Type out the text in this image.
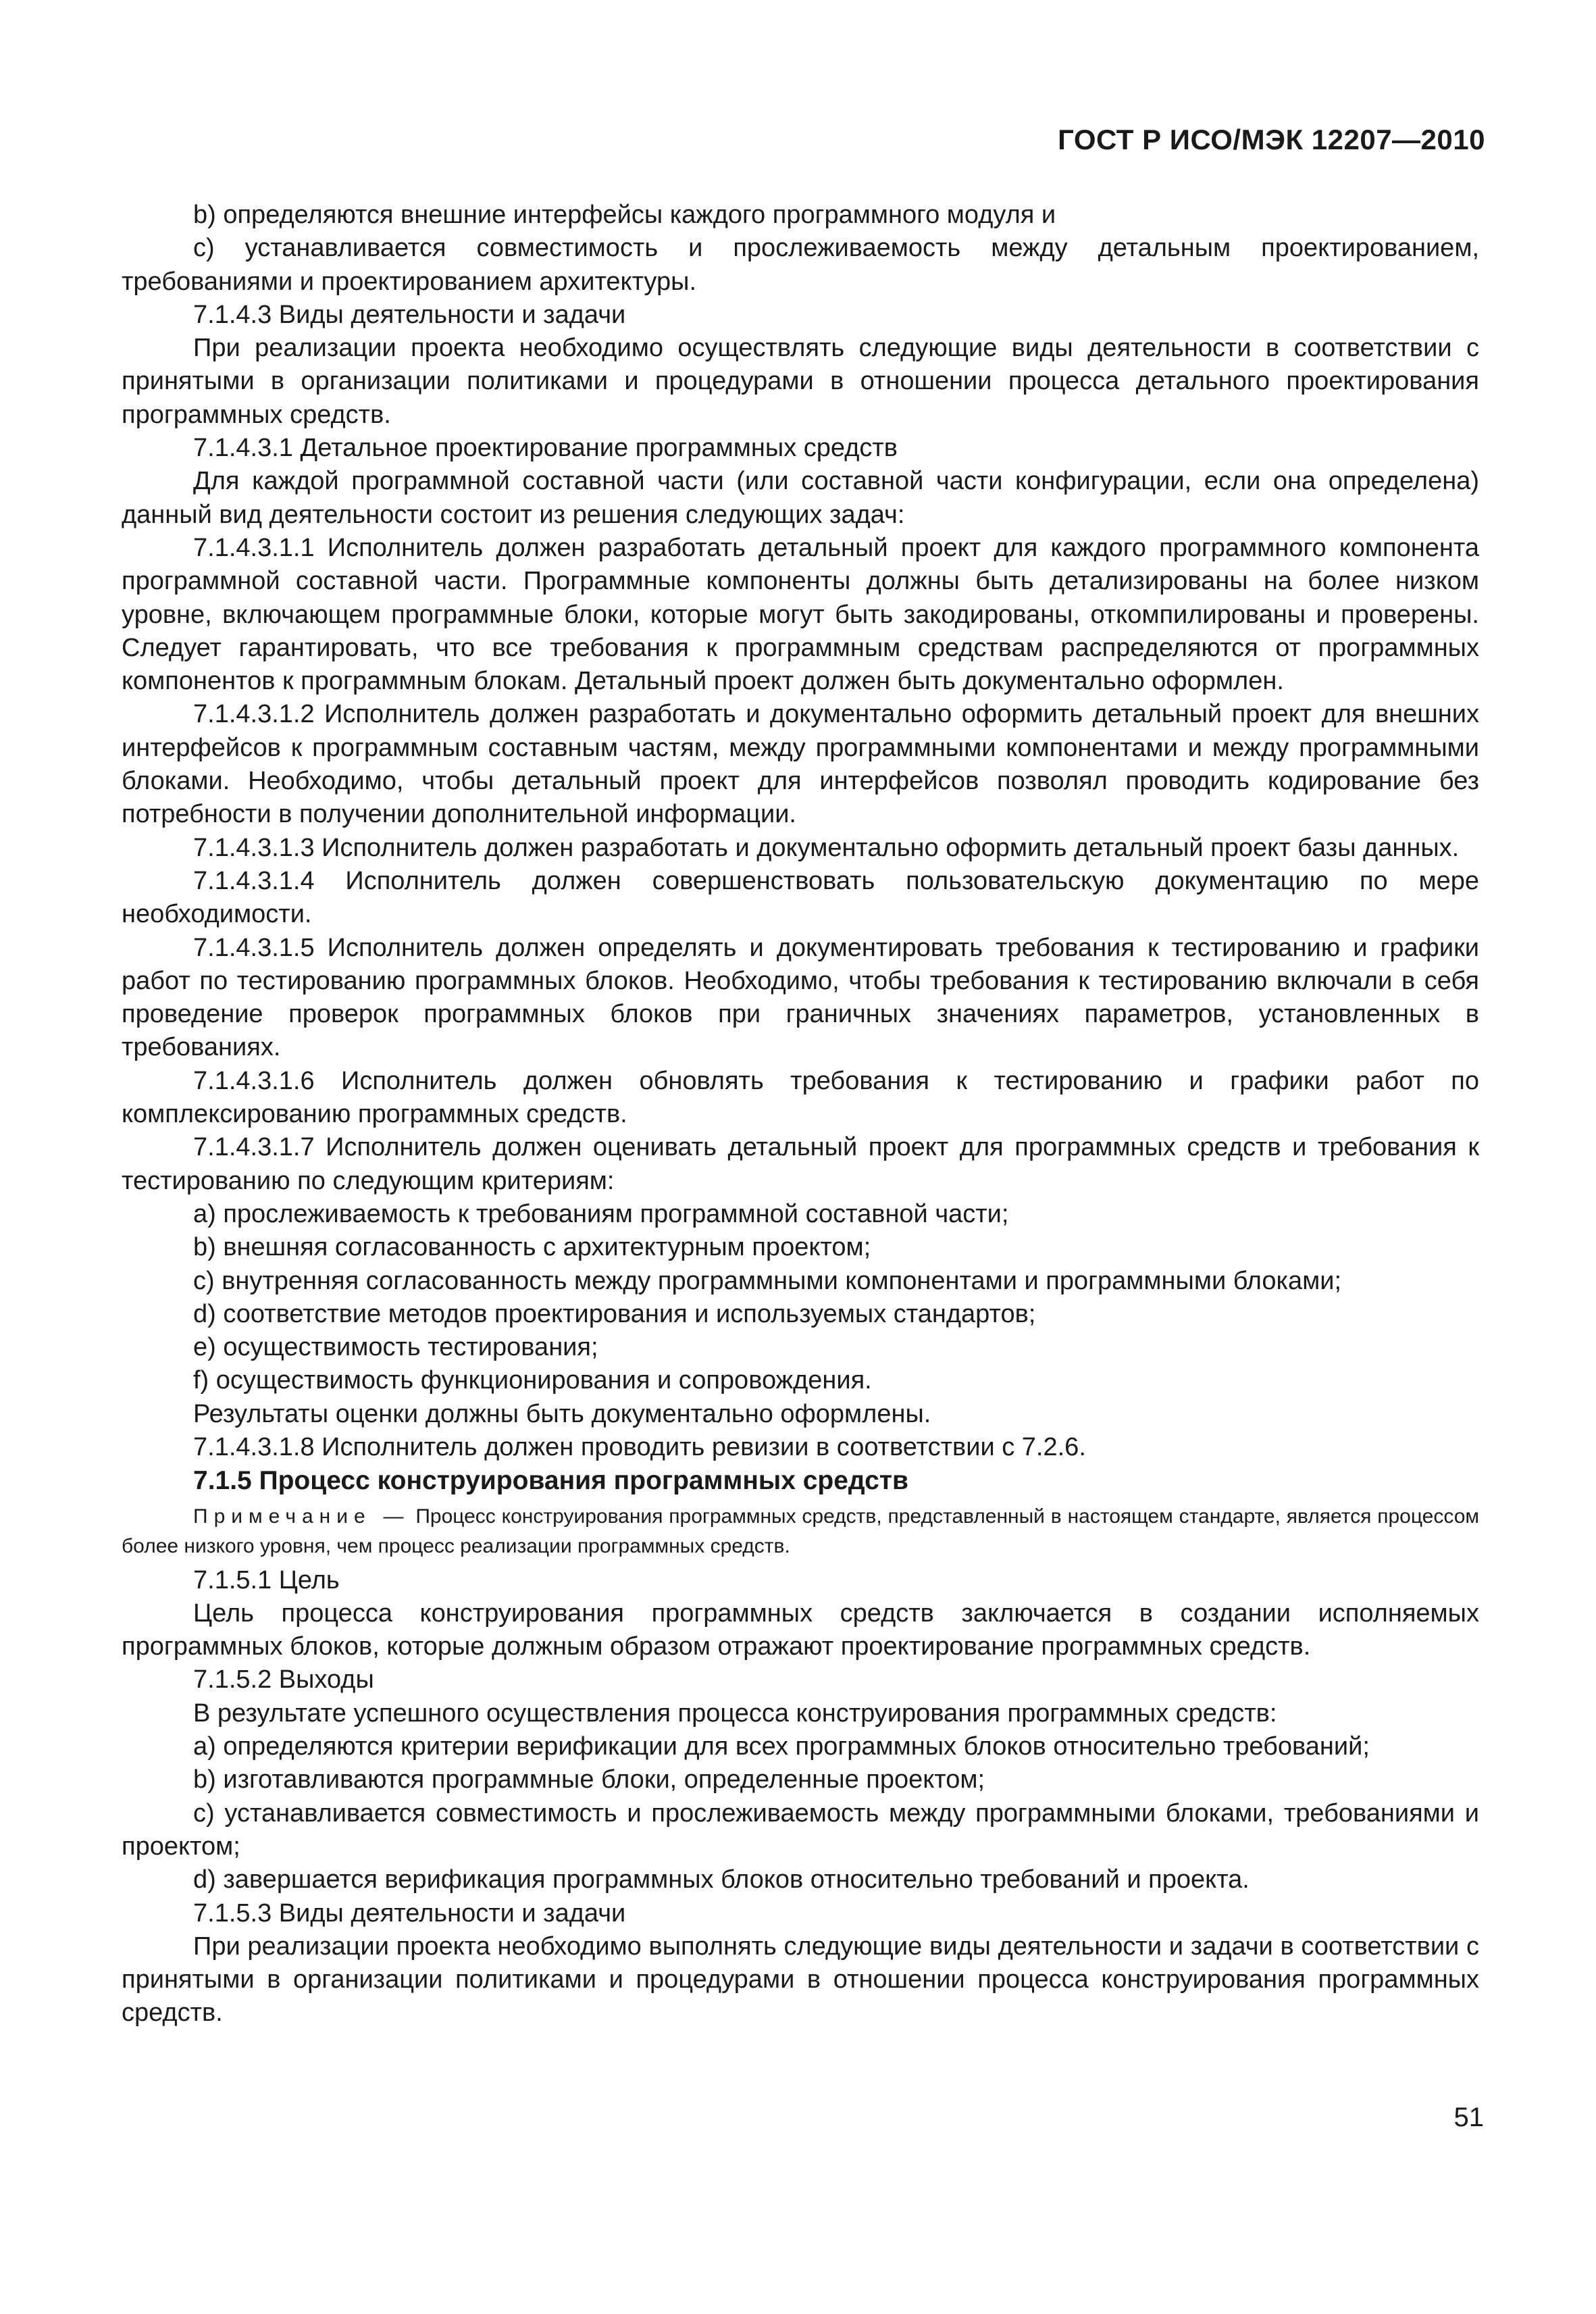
ГОСТ Р ИСО/МЭК 12207—2010

b) определяются внешние интерфейсы каждого программного модуля и

c) устанавливается совместимость и прослеживаемость между детальным проектированием, требованиями и проектированием архитектуры.

7.1.4.3 Виды деятельности и задачи

При реализации проекта необходимо осуществлять следующие виды деятельности в соответствии с принятыми в организации политиками и процедурами в отношении процесса детального проектирования программных средств.

7.1.4.3.1 Детальное проектирование программных средств

Для каждой программной составной части (или составной части конфигурации, если она определена) данный вид деятельности состоит из решения следующих задач:

7.1.4.3.1.1 Исполнитель должен разработать детальный проект для каждого программного компонента программной составной части. Программные компоненты должны быть детализированы на более низком уровне, включающем программные блоки, которые могут быть закодированы, откомпилированы и проверены. Следует гарантировать, что все требования к программным средствам распределяются от программных компонентов к программным блокам. Детальный проект должен быть документально оформлен.

7.1.4.3.1.2 Исполнитель должен разработать и документально оформить детальный проект для внешних интерфейсов к программным составным частям, между программными компонентами и между программными блоками. Необходимо, чтобы детальный проект для интерфейсов позволял проводить кодирование без потребности в получении дополнительной информации.

7.1.4.3.1.3 Исполнитель должен разработать и документально оформить детальный проект базы данных.

7.1.4.3.1.4 Исполнитель должен совершенствовать пользовательскую документацию по мере необходимости.

7.1.4.3.1.5 Исполнитель должен определять и документировать требования к тестированию и графики работ по тестированию программных блоков. Необходимо, чтобы требования к тестированию включали в себя проведение проверок программных блоков при граничных значениях параметров, установленных в требованиях.

7.1.4.3.1.6 Исполнитель должен обновлять требования к тестированию и графики работ по комплексированию программных средств.

7.1.4.3.1.7 Исполнитель должен оценивать детальный проект для программных средств и требования к тестированию по следующим критериям:

a) прослеживаемость к требованиям программной составной части;

b) внешняя согласованность с архитектурным проектом;

c) внутренняя согласованность между программными компонентами и программными блоками;

d) соответствие методов проектирования и используемых стандартов;

e) осуществимость тестирования;

f) осуществимость функционирования и сопровождения.

Результаты оценки должны быть документально оформлены.

7.1.4.3.1.8 Исполнитель должен проводить ревизии в соответствии с 7.2.6.

7.1.5 Процесс конструирования программных средств

Примечание — Процесс конструирования программных средств, представленный в настоящем стандарте, является процессом более низкого уровня, чем процесс реализации программных средств.

7.1.5.1 Цель

Цель процесса конструирования программных средств заключается в создании исполняемых программных блоков, которые должным образом отражают проектирование программных средств.

7.1.5.2 Выходы

В результате успешного осуществления процесса конструирования программных средств:

a) определяются критерии верификации для всех программных блоков относительно требований;

b) изготавливаются программные блоки, определенные проектом;

c) устанавливается совместимость и прослеживаемость между программными блоками, требованиями и проектом;

d) завершается верификация программных блоков относительно требований и проекта.

7.1.5.3 Виды деятельности и задачи

При реализации проекта необходимо выполнять следующие виды деятельности и задачи в соответствии с принятыми в организации политиками и процедурами в отношении процесса конструирования программных средств.

51
